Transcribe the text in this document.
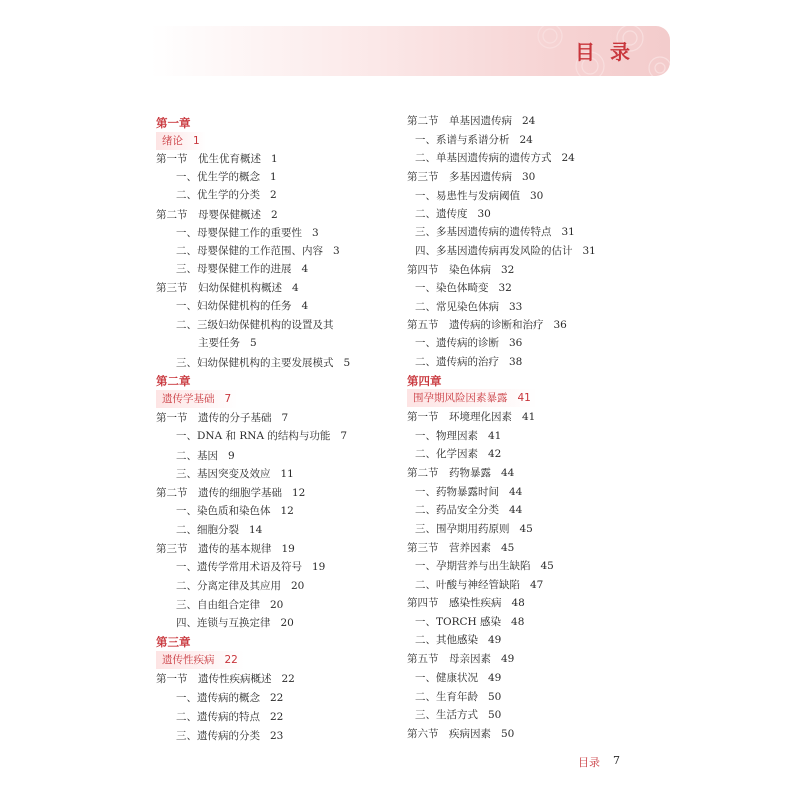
目 录
第一章
绪论 1
第一节　优生优育概述 1
一、优生学的概念 1
二、优生学的分类 2
第二节　母婴保健概述 2
一、母婴保健工作的重要性 3
二、母婴保健的工作范围、内容 3
三、母婴保健工作的进展 4
第三节　妇幼保健机构概述 4
一、妇幼保健机构的任务 4
二、三级妇幼保健机构的设置及其
主要任务 5
三、妇幼保健机构的主要发展模式 5
第二章
遗传学基础 7
第一节　遗传的分子基础 7
一、DNA 和 RNA 的结构与功能 7
二、基因 9
三、基因突变及效应 11
第二节　遗传的细胞学基础 12
一、染色质和染色体 12
二、细胞分裂 14
第三节　遗传的基本规律 19
一、遗传学常用术语及符号 19
二、分离定律及其应用 20
三、自由组合定律 20
四、连锁与互换定律 20
第三章
遗传性疾病 22
第一节　遗传性疾病概述 22
一、遗传病的概念 22
二、遗传病的特点 22
三、遗传病的分类 23
第二节　单基因遗传病 24
一、系谱与系谱分析 24
二、单基因遗传病的遗传方式 24
第三节　多基因遗传病 30
一、易患性与发病阈值 30
二、遗传度 30
三、多基因遗传病的遗传特点 31
四、多基因遗传病再发风险的估计 31
第四节　染色体病 32
一、染色体畸变 32
二、常见染色体病 33
第五节　遗传病的诊断和治疗 36
一、遗传病的诊断 36
二、遗传病的治疗 38
第四章
围孕期风险因素暴露 41
第一节　环境理化因素 41
一、物理因素 41
二、化学因素 42
第二节　药物暴露 44
一、药物暴露时间 44
二、药品安全分类 44
三、围孕期用药原则 45
第三节　营养因素 45
一、孕期营养与出生缺陷 45
二、叶酸与神经管缺陷 47
第四节　感染性疾病 48
一、TORCH 感染 48
二、其他感染 49
第五节　母亲因素 49
一、健康状况 49
二、生育年龄 50
三、生活方式 50
第六节　疾病因素 50
目录 7
